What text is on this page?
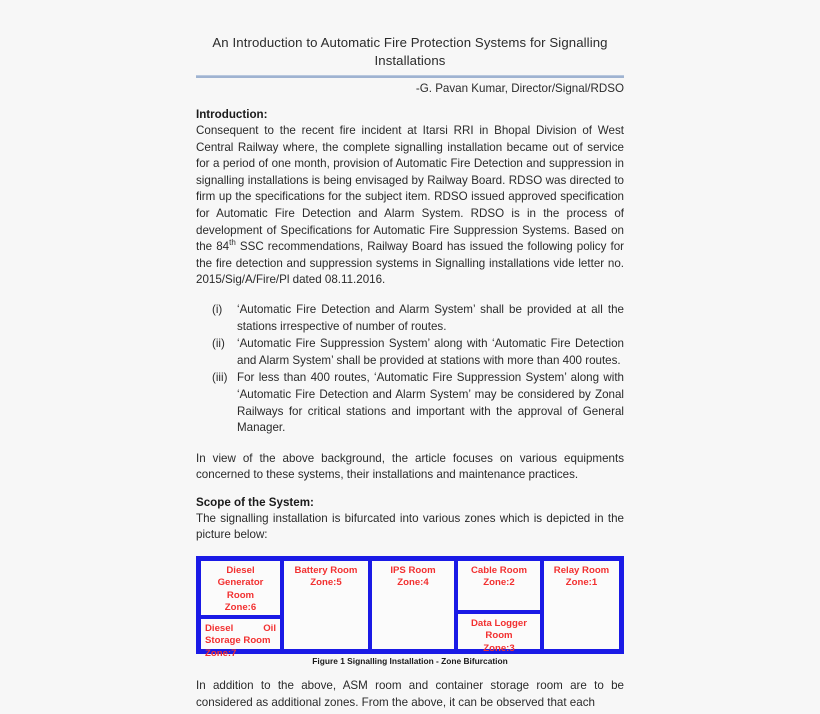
An Introduction to Automatic Fire Protection Systems for Signalling Installations

-G. Pavan Kumar, Director/Signal/RDSO

Introduction:

Consequent to the recent fire incident at Itarsi RRI in Bhopal Division of West Central Railway where, the complete signalling installation became out of service for a period of one month, provision of Automatic Fire Detection and suppression in signalling installations is being envisaged by Railway Board. RDSO was directed to firm up the specifications for the subject item. RDSO issued approved specification for Automatic Fire Detection and Alarm System. RDSO is in the process of development of Specifications for Automatic Fire Suppression Systems. Based on the 84th SSC recommendations, Railway Board has issued the following policy for the fire detection and suppression systems in Signalling installations vide letter no. 2015/Sig/A/Fire/Pl dated 08.11.2016.

(i)	‘Automatic Fire Detection and Alarm System’ shall be provided at all the stations irrespective of number of routes.
(ii)	‘Automatic Fire Suppression System’ along with ‘Automatic Fire Detection and Alarm System’ shall be provided at stations with more than 400 routes.
(iii) For less than 400 routes, ‘Automatic Fire Suppression System’ along with ‘Automatic Fire Detection and Alarm System’ may be considered by Zonal Railways for critical stations and important with the approval of General Manager.

In view of the above background, the article focuses on various equipments concerned to these systems, their installations and maintenance practices.

Scope of the System:

The signalling installation is bifurcated into various zones which is depicted in the picture below:

Diesel
Generator
Room
Zone:6
Diesel	Oil
Storage Room
Zone:7
Battery Room
Zone:5
IPS Room
Zone:4
Cable Room
Zone:2
Data Logger
Room
Zone:3
Relay Room
Zone:1

Figure 1 Signalling Installation - Zone Bifurcation

In addition to the above, ASM room and container storage room are to be considered as additional zones. From the above, it can be observed that each
